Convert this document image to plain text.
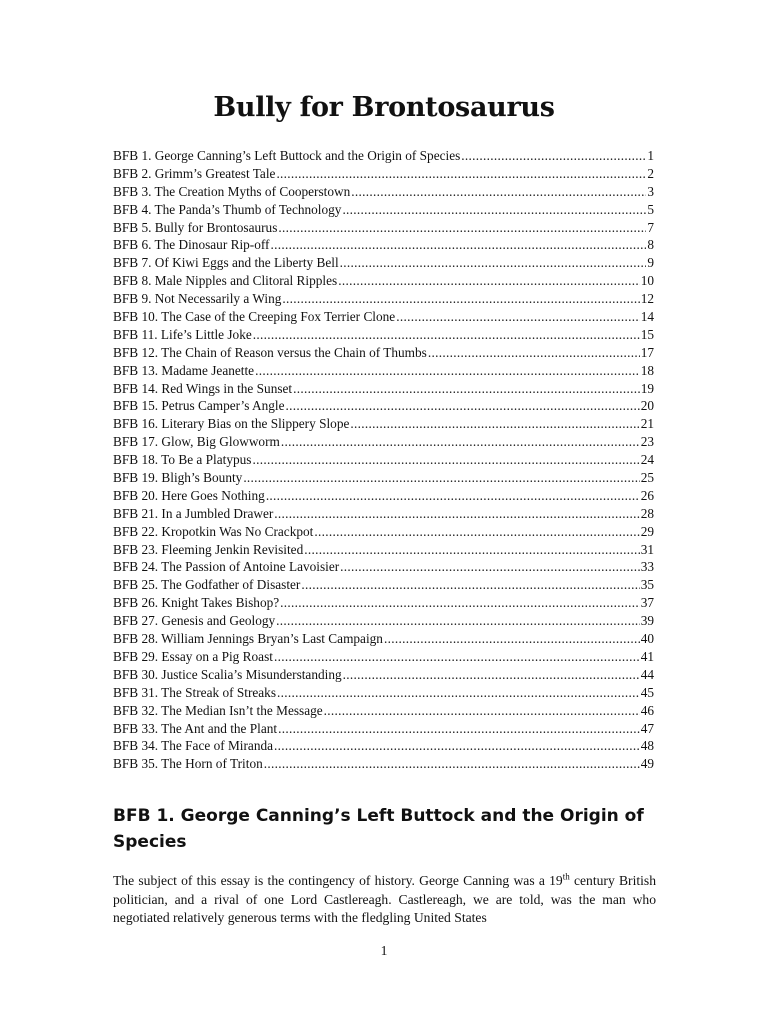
Bully for Brontosaurus
BFB 1. George Canning’s Left Buttock and the Origin of Species .....	1
BFB 2. Grimm’s Greatest Tale .....	2
BFB 3. The Creation Myths of Cooperstown .....	3
BFB 4. The Panda’s Thumb of Technology .....	5
BFB 5. Bully for Brontosaurus .....	7
BFB 6. The Dinosaur Rip-off .....	8
BFB 7. Of Kiwi Eggs and the Liberty Bell .....	9
BFB 8. Male Nipples and Clitoral Ripples .....	10
BFB 9. Not Necessarily a Wing .....	12
BFB 10. The Case of the Creeping Fox Terrier Clone .....	14
BFB 11. Life’s Little Joke .....	15
BFB 12. The Chain of Reason versus the Chain of Thumbs .....	17
BFB 13. Madame Jeanette .....	18
BFB 14. Red Wings in the Sunset .....	19
BFB 15. Petrus Camper’s Angle .....	20
BFB 16. Literary Bias on the Slippery Slope .....	21
BFB 17. Glow, Big Glowworm .....	23
BFB 18. To Be a Platypus .....	24
BFB 19. Bligh’s Bounty .....	25
BFB 20. Here Goes Nothing .....	26
BFB 21. In a Jumbled Drawer .....	28
BFB 22. Kropotkin Was No Crackpot .....	29
BFB 23. Fleeming Jenkin Revisited .....	31
BFB 24. The Passion of Antoine Lavoisier .....	33
BFB 25. The Godfather of Disaster .....	35
BFB 26. Knight Takes Bishop? .....	37
BFB 27. Genesis and Geology .....	39
BFB 28. William Jennings Bryan’s Last Campaign .....	40
BFB 29. Essay on a Pig Roast .....	41
BFB 30. Justice Scalia’s Misunderstanding .....	44
BFB 31. The Streak of Streaks .....	45
BFB 32. The Median Isn’t the Message .....	46
BFB 33. The Ant and the Plant .....	47
BFB 34. The Face of Miranda .....	48
BFB 35. The Horn of Triton .....	49
BFB 1. George Canning’s Left Buttock and the Origin of Species

The subject of this essay is the contingency of history. George Canning was a 19th century British politician, and a rival of one Lord Castlereagh. Castlereagh, we are told, was the man who negotiated relatively generous terms with the fledgling United States

1
